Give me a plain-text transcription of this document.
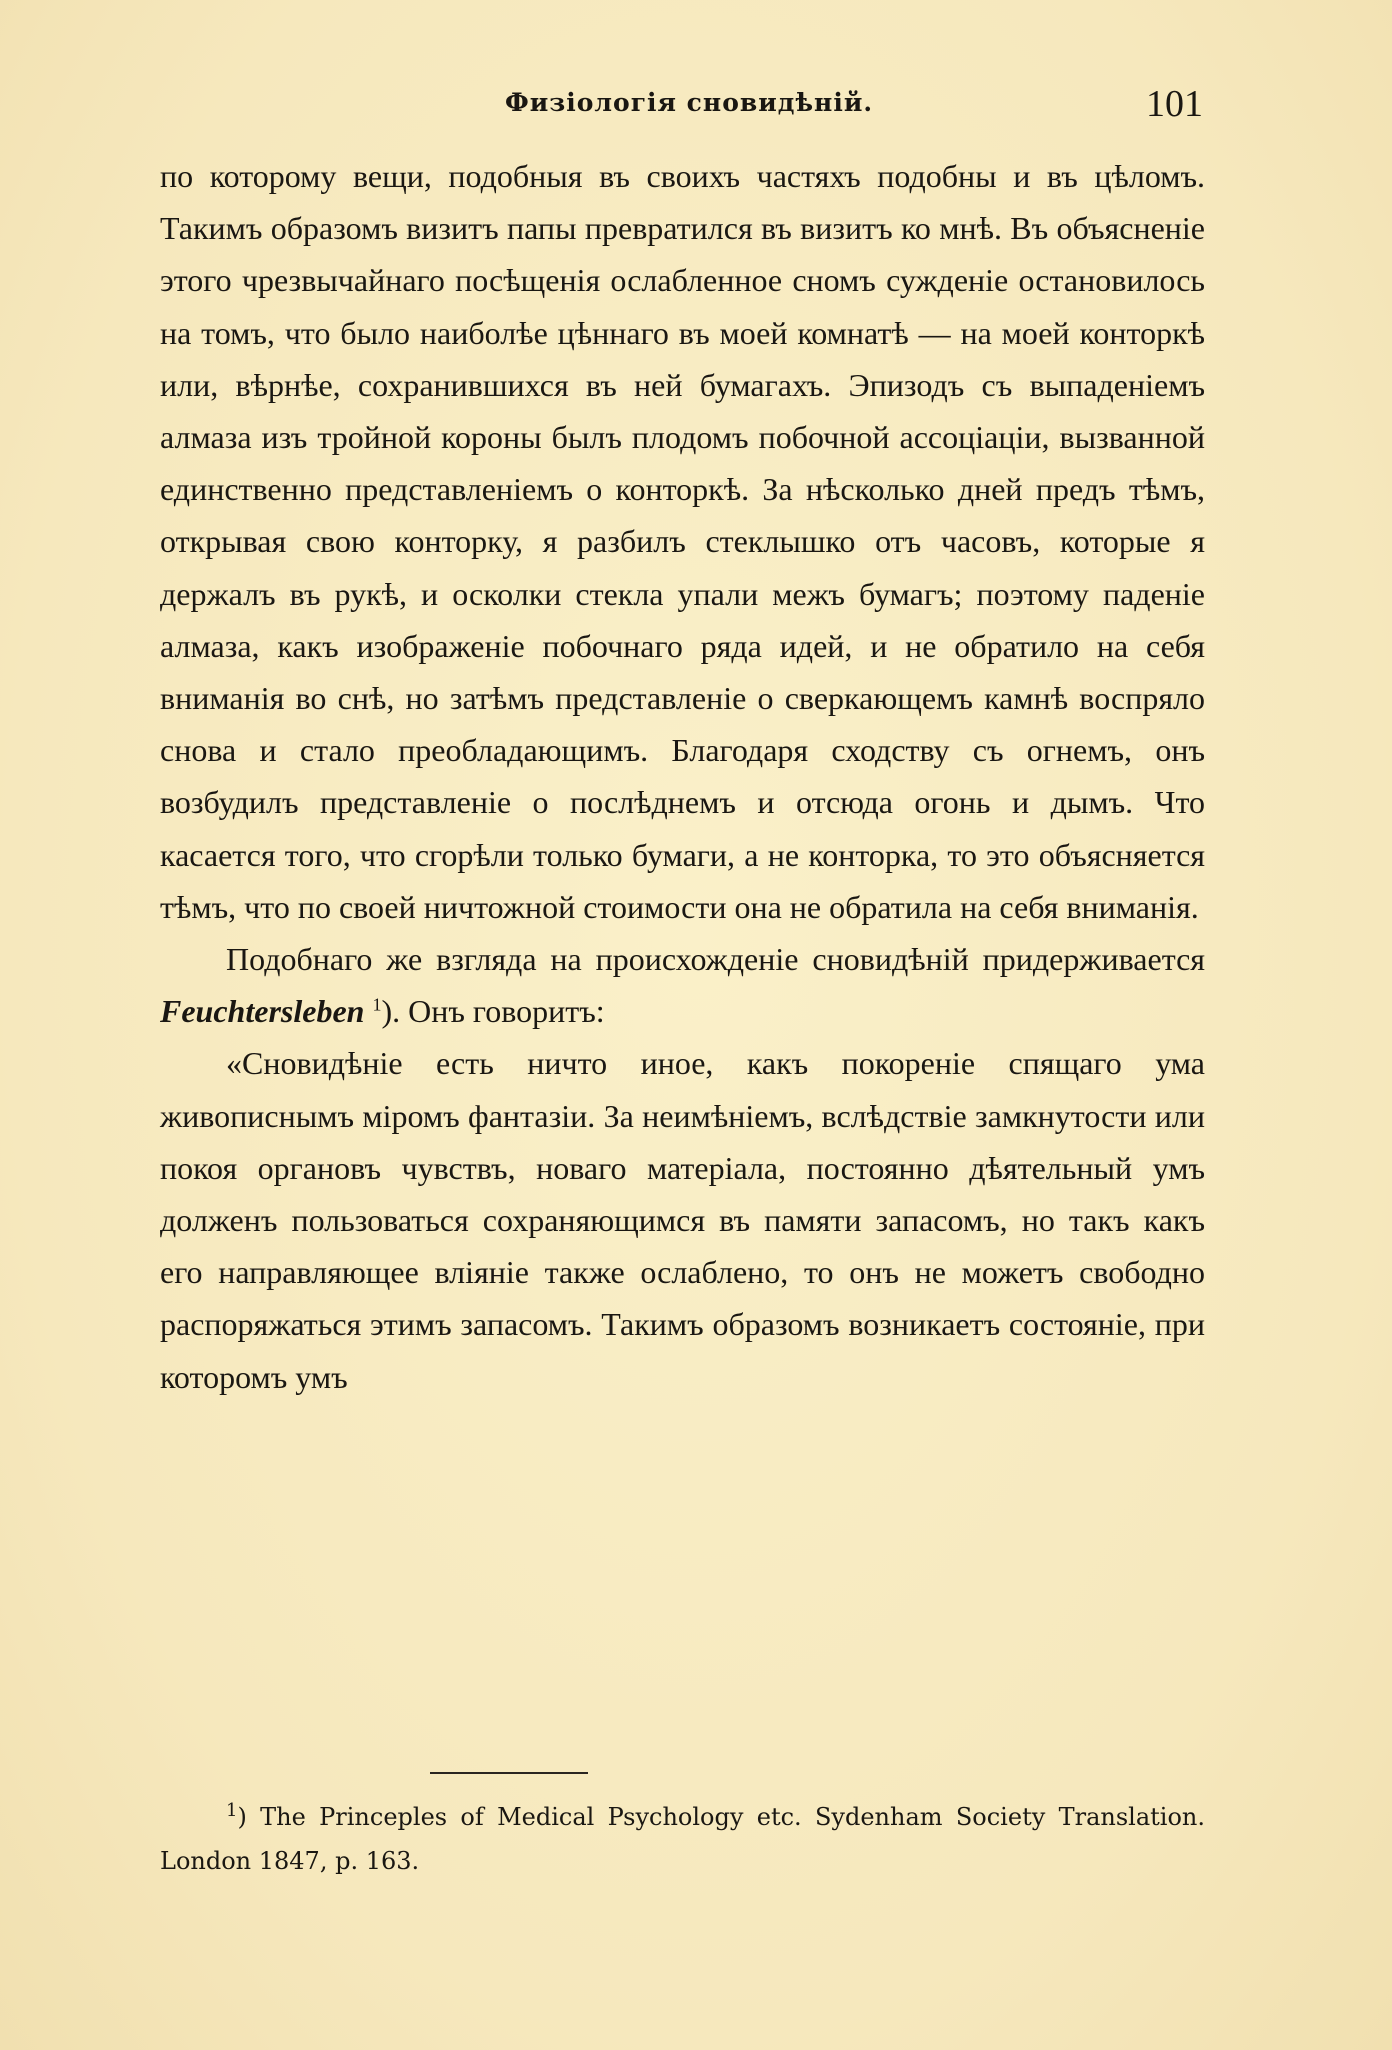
Физіологія сновидѣній.	101

по которому вещи, подобныя въ своихъ частяхъ подобны и въ цѣломъ. Такимъ образомъ визитъ папы превратился въ визитъ ко мнѣ. Въ объясненіе этого чрезвычайнаго посѣщенія ослабленное сномъ сужденіе остановилось на томъ, что было наиболѣе цѣннаго въ моей комнатѣ — на моей конторкѣ или, вѣрнѣе, сохранившихся въ ней бумагахъ. Эпизодъ съ выпаденіемъ алмаза изъ тройной короны былъ плодомъ побочной ассоціаціи, вызванной единственно представленіемъ о конторкѣ. За нѣсколько дней предъ тѣмъ, открывая свою конторку, я разбилъ стеклышко отъ часовъ, которые я держалъ въ рукѣ, и осколки стекла упали межъ бумагъ; поэтому паденіе алмаза, какъ изображеніе побочнаго ряда идей, и не обратило на себя вниманія во снѣ, но затѣмъ представленіе о сверкающемъ камнѣ воспряло снова и стало преобладающимъ. Благодаря сходству съ огнемъ, онъ возбудилъ представленіе о послѣднемъ и отсюда огонь и дымъ. Что касается того, что сгорѣли только бумаги, а не конторка, то это объясняется тѣмъ, что по своей ничтожной стоимости она не обратила на себя вниманія.

Подобнаго же взгляда на происхожденіе сновидѣній придерживается Feuchtersleben $^1$). Онъ говоритъ:

«Сновидѣніе есть ничто иное, какъ покореніе спящаго ума живописнымъ міромъ фантазіи. За неимѣніемъ, вслѣдствіе замкнутости или покоя органовъ чувствъ, новаго матеріала, постоянно дѣятельный умъ долженъ пользоваться сохраняющимся въ памяти запасомъ, но такъ какъ его направляющее вліяніе также ослаблено, то онъ не можетъ свободно распоряжаться этимъ запасомъ. Такимъ образомъ возникаетъ состояніе, при которомъ умъ

$^1$) The Princeples of Medical Psychology etc. Sydenham Society Translation. London 1847, p. 163.
